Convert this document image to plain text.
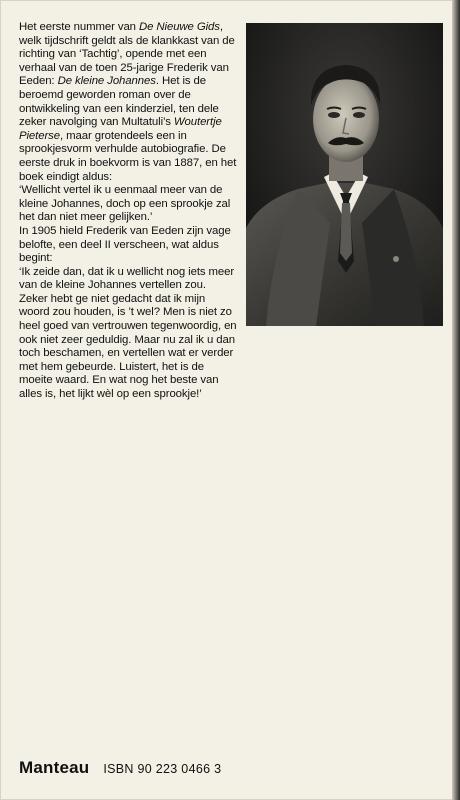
Het eerste nummer van De Nieuwe Gids, welk tijdschrift geldt als de klankkast van de richting van ‘Tachtig’, opende met een verhaal van de toen 25-jarige Frederik van Eeden: De kleine Johannes. Het is de beroemd geworden roman over de ontwikkeling van een kinderziel, ten dele zeker navolging van Multatuli’s Woutertje Pieterse, maar grotendeels een in sprookjesvorm verhulde autobiografie. De eerste druk in boekvorm is van 1887, en het boek eindigt aldus:

‘Wellicht vertel ik u eenmaal meer van de kleine Johannes, doch op een sprookje zal het dan niet meer gelijken.’

In 1905 hield Frederik van Eeden zijn vage belofte, een deel II verscheen, wat aldus begint:

‘Ik zeide dan, dat ik u wellicht nog iets meer van de kleine Johannes vertellen zou. Zeker hebt ge niet gedacht dat ik mijn woord zou houden, is ’t wel? Men is niet zo heel goed van vertrouwen tegenwoordig, en ook niet zeer geduldig. Maar nu zal ik u dan toch beschamen, en vertellen wat er verder met hem gebeurde. Luistert, het is de moeite waard. En wat nog het beste van alles is, het lijkt wèl op een sprookje!’

Manteau ISBN 90 223 0466 3
